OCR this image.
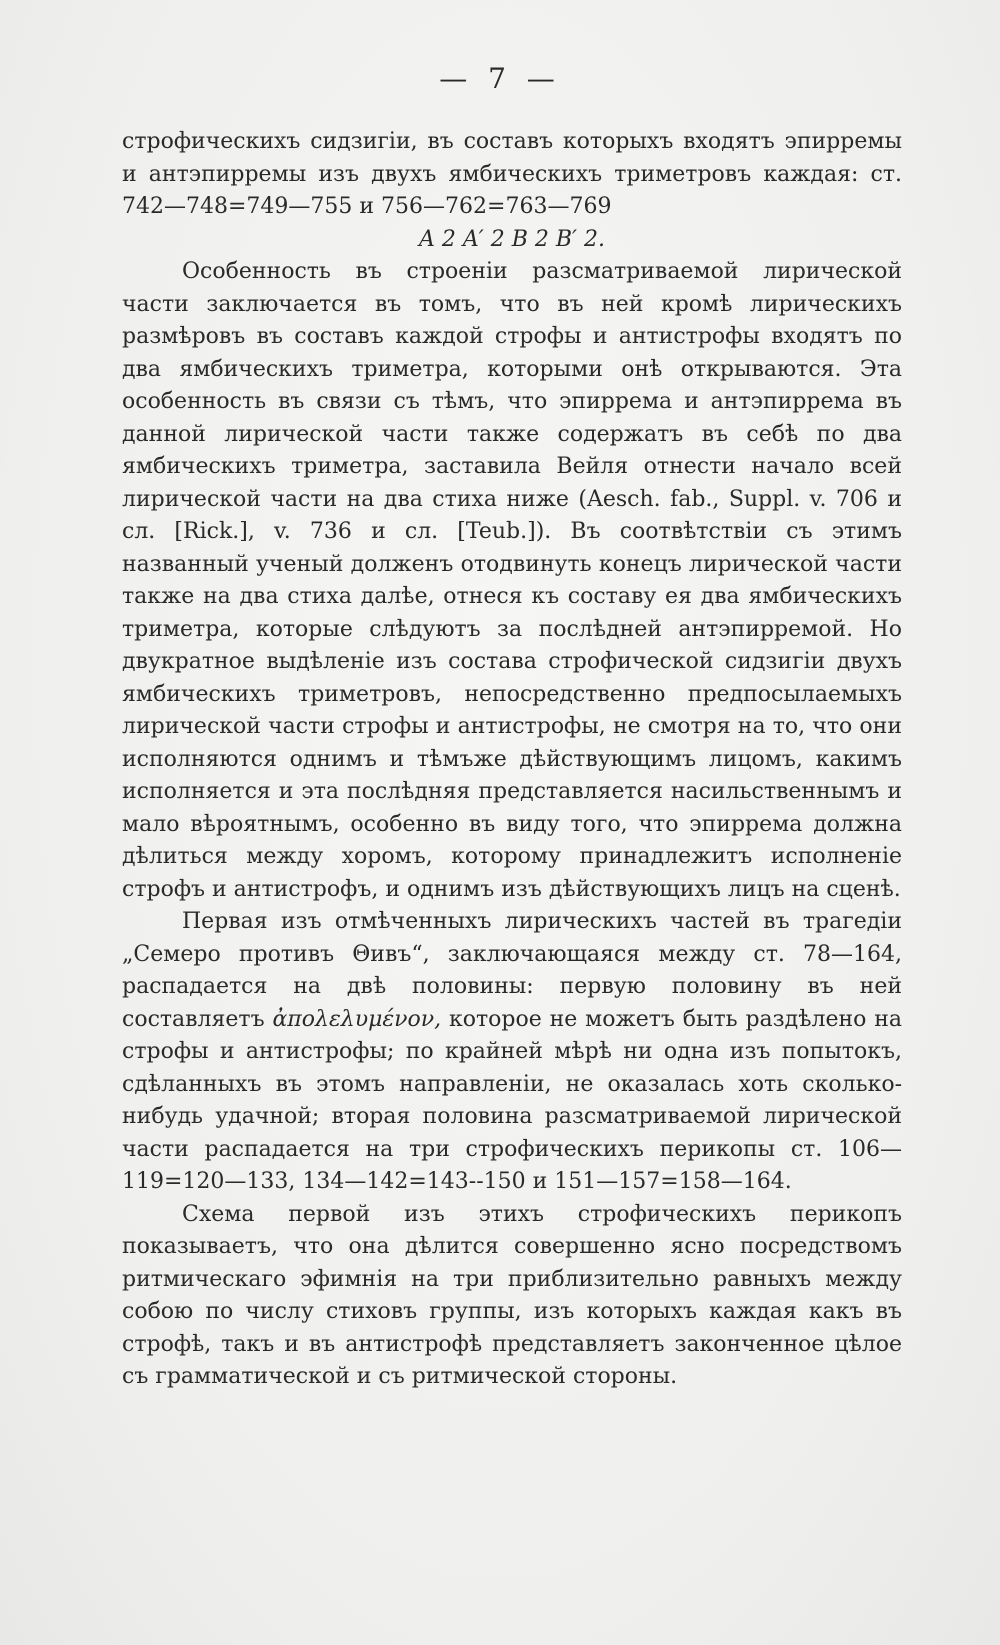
— 7 —

строфическихъ сидзигіи, въ составъ которыхъ входятъ эпирремы и антэпирремы изъ двухъ ямбическихъ триметровъ каждая: ст. 742—748=749—755 и 756—762=763—769

A 2 A′ 2 B 2 B′ 2.

Особенность въ строеніи разсматриваемой лирической части заключается въ томъ, что въ ней кромѣ лирическихъ размѣровъ въ составъ каждой строфы и антистрофы входятъ по два ямбическихъ триметра, которыми онѣ открываются. Эта особенность въ связи съ тѣмъ, что эпиррема и антэпиррема въ данной лирической части также содержатъ въ себѣ по два ямбическихъ триметра, заставила Вейля отнести начало всей лирической части на два стиха ниже (Aesch. fab., Suppl. v. 706 и сл. [Rick.], v. 736 и сл. [Teub.]). Въ соотвѣтствіи съ этимъ названный ученый долженъ отодвинуть конецъ лирической части также на два стиха далѣе, отнеся къ составу ея два ямбическихъ триметра, которые слѣдуютъ за послѣдней антэпирремой. Но двукратное выдѣленіе изъ состава строфической сидзигіи двухъ ямбическихъ триметровъ, непосредственно предпосылаемыхъ лирической части строфы и антистрофы, не смотря на то, что они исполняются однимъ и тѣмъже дѣйствующимъ лицомъ, какимъ исполняется и эта послѣдняя представляется насильственнымъ и мало вѣроятнымъ, особенно въ виду того, что эпиррема должна дѣлиться между хоромъ, которому принадлежитъ исполненіе строфъ и антистрофъ, и однимъ изъ дѣйствующихъ лицъ на сценѣ.

Первая изъ отмѣченныхъ лирическихъ частей въ трагедіи „Семеро противъ Θивъ“, заключающаяся между ст. 78—164, распадается на двѣ половины: первую половину въ ней составляетъ ἀπολελυμένον, которое не можетъ быть раздѣлено на строфы и антистрофы; по крайней мѣрѣ ни одна изъ попытокъ, сдѣланныхъ въ этомъ направленіи, не оказалась хоть сколько-нибудь удачной; вторая половина разсматриваемой лирической части распадается на три строфическихъ перикопы ст. 106—119=120—133, 134—142=143--150 и 151—157=158—164.

Схема первой изъ этихъ строфическихъ перикопъ показываетъ, что она дѣлится совершенно ясно посредствомъ ритмическаго эфимнія на три приблизительно равныхъ между собою по числу стиховъ группы, изъ которыхъ каждая какъ въ строфѣ, такъ и въ антистрофѣ представляетъ законченное цѣлое съ грамматической и съ ритмической стороны.
